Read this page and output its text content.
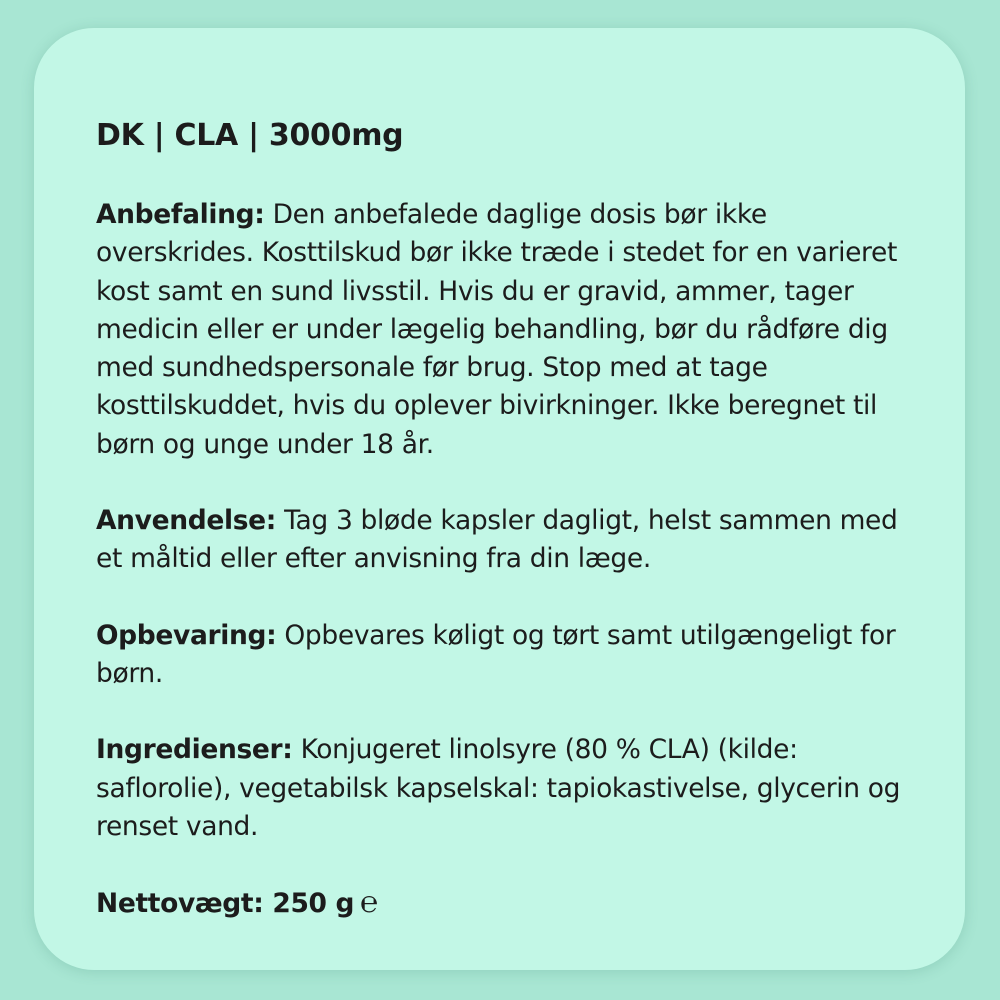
DK | CLA | 3000mg
Anbefaling: Den anbefalede daglige dosis bør ikke overskrides. Kosttilskud bør ikke træde i stedet for en varieret kost samt en sund livsstil. Hvis du er gravid, ammer, tager medicin eller er under lægelig behandling, bør du rådføre dig med sundhedspersonale før brug. Stop med at tage kosttilskuddet, hvis du oplever bivirkninger. Ikke beregnet til børn og unge under 18 år.
Anvendelse: Tag 3 bløde kapsler dagligt, helst sammen med et måltid eller efter anvisning fra din læge.
Opbevaring: Opbevares køligt og tørt samt utilgængeligt for børn.
Ingredienser: Konjugeret linolsyre (80 % CLA) (kilde: saflorolie), vegetabilsk kapselskal: tapiokastivelse, glycerin og renset vand.
Nettovægt: 250 g ℮
